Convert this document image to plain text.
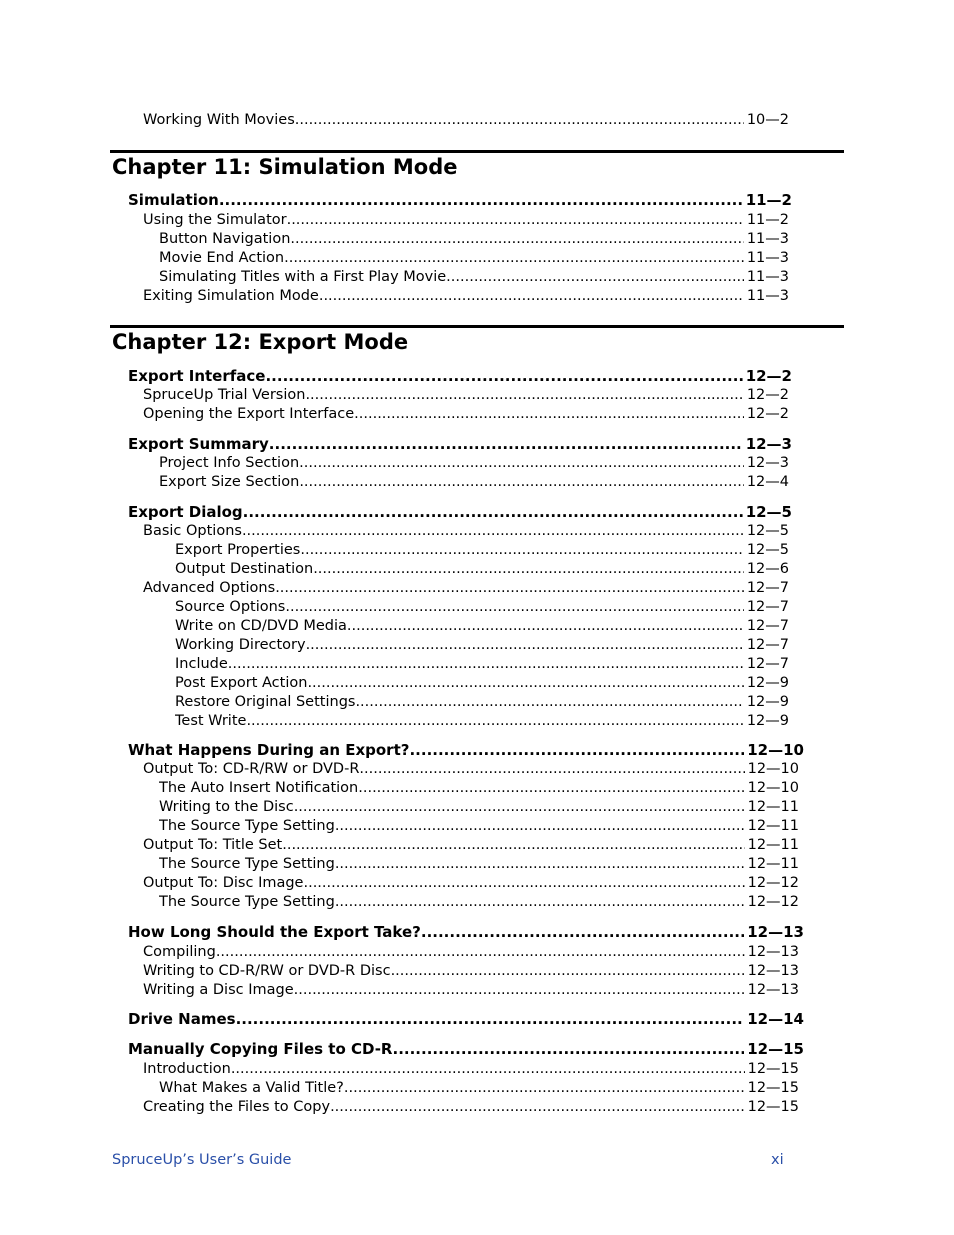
Working With Movies .....	10—2
Chapter 11: Simulation Mode
Simulation .....	11—2
Using the Simulator .....	11—2
Button Navigation .....	11—3
Movie End Action .....	11—3
Simulating Titles with a First Play Movie .....	11—3
Exiting Simulation Mode .....	11—3
Chapter 12: Export Mode
Export Interface .....	12—2
SpruceUp Trial Version .....	12—2
Opening the Export Interface .....	12—2
Export Summary .....	12—3
Project Info Section .....	12—3
Export Size Section .....	12—4
Export Dialog .....	12—5
Basic Options .....	12—5
Export Properties .....	12—5
Output Destination .....	12—6
Advanced Options .....	12—7
Source Options .....	12—7
Write on CD/DVD Media .....	12—7
Working Directory .....	12—7
Include .....	12—7
Post Export Action .....	12—9
Restore Original Settings .....	12—9
Test Write .....	12—9
What Happens During an Export? .....	12—10
Output To: CD-R/RW or DVD-R .....	12—10
The Auto Insert Notification .....	12—10
Writing to the Disc .....	12—11
The Source Type Setting .....	12—11
Output To: Title Set .....	12—11
The Source Type Setting .....	12—11
Output To: Disc Image .....	12—12
The Source Type Setting .....	12—12
How Long Should the Export Take? .....	12—13
Compiling .....	12—13
Writing to CD-R/RW or DVD-R Disc .....	12—13
Writing a Disc Image .....	12—13
Drive Names .....	12—14
Manually Copying Files to CD-R .....	12—15
Introduction .....	12—15
What Makes a Valid Title? .....	12—15
Creating the Files to Copy .....	12—15
SpruceUp’s User’s Guide	xi
